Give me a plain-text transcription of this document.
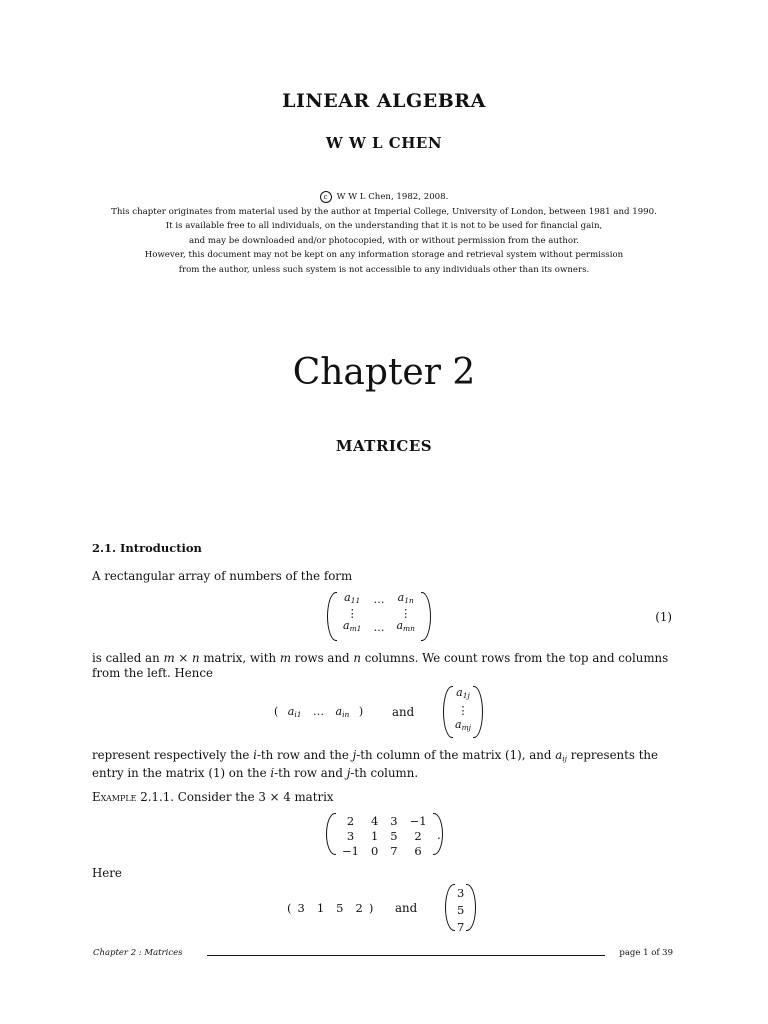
LINEAR ALGEBRA
W W L CHEN
c W W L Chen, 1982, 2008.
This chapter originates from material used by the author at Imperial College, University of London, between 1981 and 1990.
It is available free to all individuals, on the understanding that it is not to be used for financial gain,
and may be downloaded and/or photocopied, with or without permission from the author.
However, this document may not be kept on any information storage and retrieval system without permission
from the author, unless such system is not accessible to any individuals other than its owners.
Chapter 2
MATRICES
2.1. Introduction
A rectangular array of numbers of the form
$a_{11}$	…	$a_{1n}$
⋮		⋮
$a_{m1}$	…	$a_{mn}$
(1)
is called an m × n matrix, with m rows and n columns. We count rows from the top and columns from the left. Hence
( $a_{i1}$ … $a_{in}$ ) and
$a_{1j}$
⋮
$a_{mj}$
represent respectively the i-th row and the j-th column of the matrix (1), and $a_{ij}$ represents the entry in the matrix (1) on the i-th row and j-th column.
Example 2.1.1. Consider the 3 × 4 matrix
2	4	3	−1
3	1	5	2
−1	0	7	6
.
Here
( 3 1 5 2 ) and
3
5
7
Chapter 2 : Matrices	page 1 of 39
